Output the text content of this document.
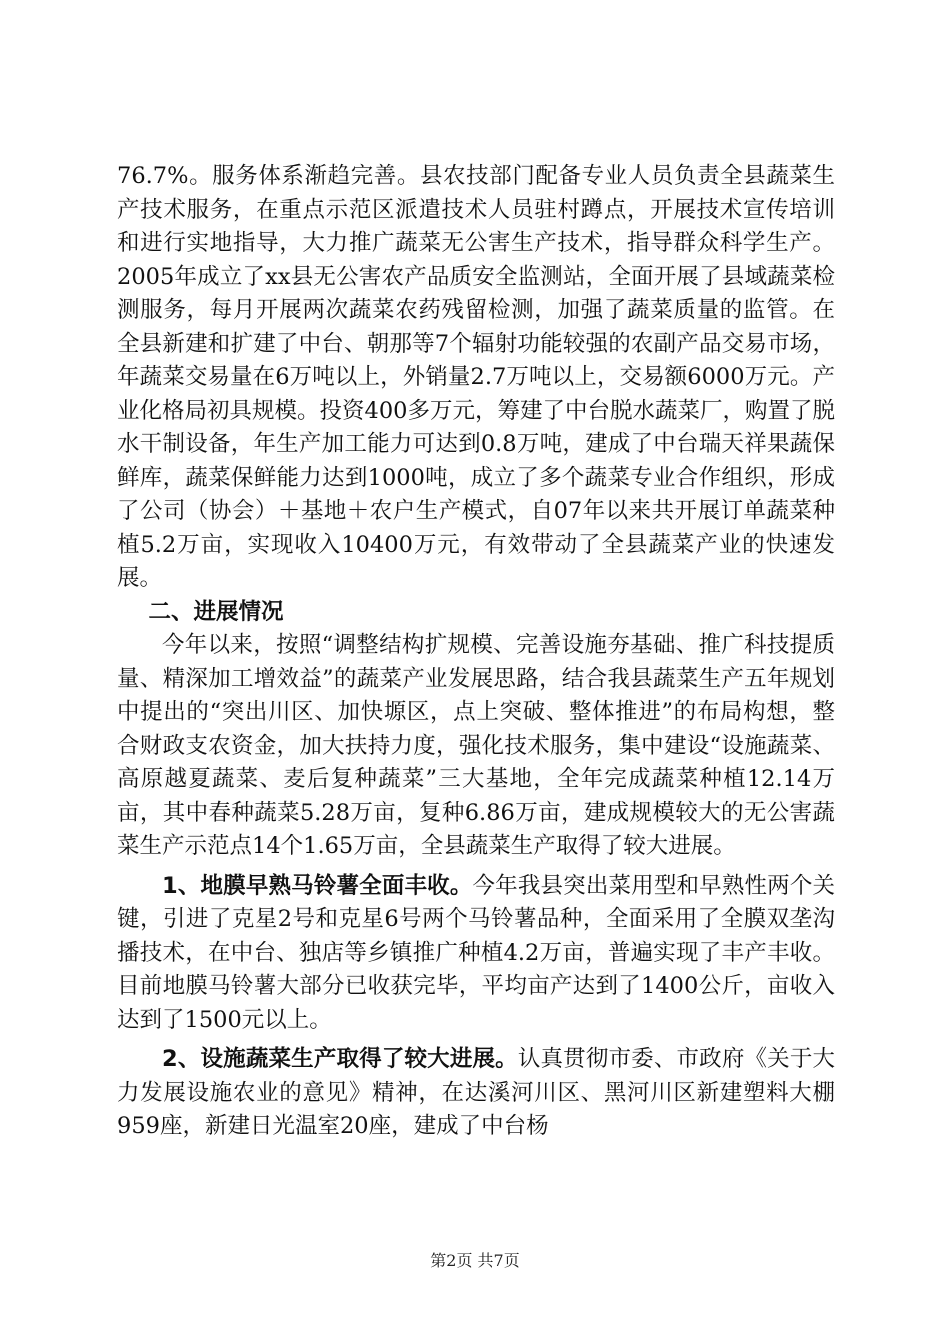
76.7%。服务体系渐趋完善。县农技部门配备专业人员负责全县蔬菜生产技术服务，在重点示范区派遣技术人员驻村蹲点，开展技术宣传培训和进行实地指导，大力推广蔬菜无公害生产技术，指导群众科学生产。2005年成立了xx县无公害农产品质安全监测站，全面开展了县域蔬菜检测服务，每月开展两次蔬菜农药残留检测，加强了蔬菜质量的监管。在全县新建和扩建了中台、朝那等7个辐射功能较强的农副产品交易市场，年蔬菜交易量在6万吨以上，外销量2.7万吨以上，交易额6000万元。产业化格局初具规模。投资400多万元，筹建了中台脱水蔬菜厂，购置了脱水干制设备，年生产加工能力可达到0.8万吨，建成了中台瑞天祥果蔬保鲜库，蔬菜保鲜能力达到1000吨，成立了多个蔬菜专业合作组织，形成了公司（协会）＋基地＋农户生产模式，自07年以来共开展订单蔬菜种植5.2万亩，实现收入10400万元，有效带动了全县蔬菜产业的快速发展。

二、进展情况

今年以来，按照“调整结构扩规模、完善设施夯基础、推广科技提质量、精深加工增效益”的蔬菜产业发展思路，结合我县蔬菜生产五年规划中提出的“突出川区、加快塬区，点上突破、整体推进”的布局构想，整合财政支农资金，加大扶持力度，强化技术服务，集中建设“设施蔬菜、高原越夏蔬菜、麦后复种蔬菜”三大基地，全年完成蔬菜种植12.14万亩，其中春种蔬菜5.28万亩，复种6.86万亩，建成规模较大的无公害蔬菜生产示范点14个1.65万亩，全县蔬菜生产取得了较大进展。

1、地膜早熟马铃薯全面丰收。今年我县突出菜用型和早熟性两个关键，引进了克星2号和克星6号两个马铃薯品种，全面采用了全膜双垄沟播技术，在中台、独店等乡镇推广种植4.2万亩，普遍实现了丰产丰收。目前地膜马铃薯大部分已收获完毕，平均亩产达到了1400公斤，亩收入达到了1500元以上。

2、设施蔬菜生产取得了较大进展。认真贯彻市委、市政府《关于大力发展设施农业的意见》精神，在达溪河川区、黑河川区新建塑料大棚959座，新建日光温室20座，建成了中台杨

第2页 共7页
